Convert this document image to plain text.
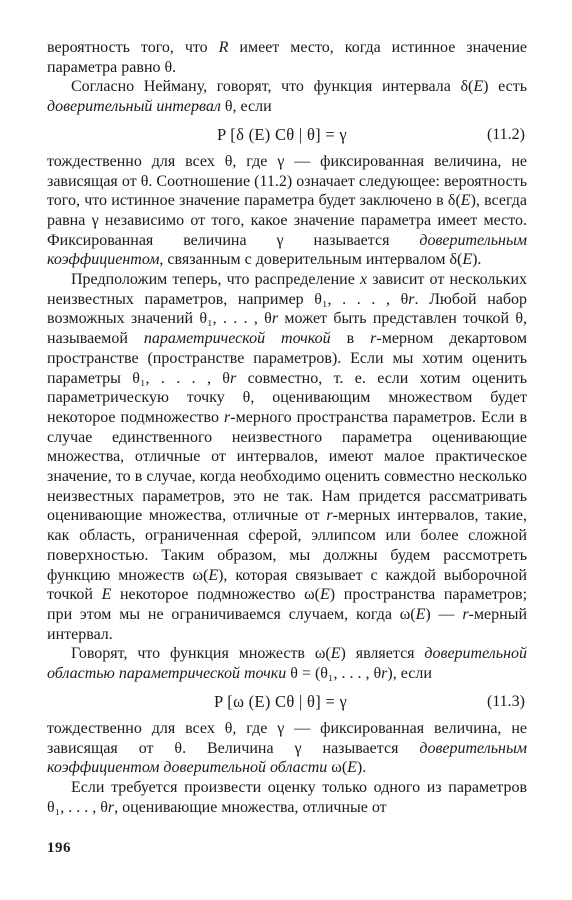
вероятность того, что R имеет место, когда истинное значение параметра равно θ.

Согласно Нейману, говорят, что функция интервала δ(E) есть доверительный интервал θ, если

P [δ (E) Cθ | θ] = γ	(11.2)

тождественно для всех θ, где γ — фиксированная величина, не зависящая от θ. Соотношение (11.2) означает следующее: вероятность того, что истинное значение параметра будет заключено в δ(E), всегда равна γ независимо от того, какое значение параметра имеет место. Фиксированная величина γ называется доверительным коэффициентом, связанным с доверительным интервалом δ(E).

Предположим теперь, что распределение x зависит от нескольких неизвестных параметров, например θ₁, . . . , θr. Любой набор возможных значений θ₁, . . . , θr может быть представлен точкой θ, называемой параметрической точкой в r-мерном декартовом пространстве (пространстве параметров). Если мы хотим оценить параметры θ₁, . . . , θr совместно, т. е. если хотим оценить параметрическую точку θ, оценивающим множеством будет некоторое подмножество r-мерного пространства параметров. Если в случае единственного неизвестного параметра оценивающие множества, отличные от интервалов, имеют малое практическое значение, то в случае, когда необходимо оценить совместно несколько неизвестных параметров, это не так. Нам придется рассматривать оценивающие множества, отличные от r-мерных интервалов, такие, как область, ограниченная сферой, эллипсом или более сложной поверхностью. Таким образом, мы должны будем рассмотреть функцию множеств ω(E), которая связывает с каждой выборочной точкой E некоторое подмножество ω(E) пространства параметров; при этом мы не ограничиваемся случаем, когда ω(E) — r-мерный интервал.

Говорят, что функция множеств ω(E) является доверительной областью параметрической точки θ = (θ₁, . . . , θr), если

P [ω (E) Cθ | θ] = γ	(11.3)

тождественно для всех θ, где γ — фиксированная величина, не зависящая от θ. Величина γ называется доверительным коэффициентом доверительной области ω(E).

Если требуется произвести оценку только одного из параметров θ₁, . . . , θr, оценивающие множества, отличные от

196
